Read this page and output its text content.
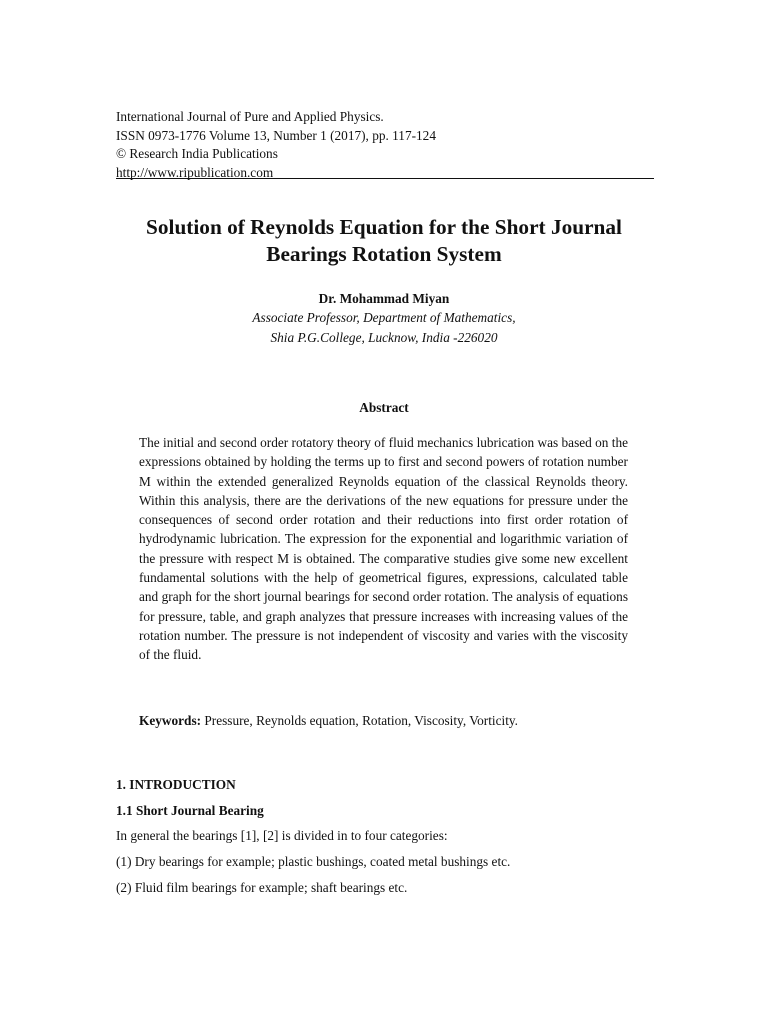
International Journal of Pure and Applied Physics.
ISSN 0973-1776 Volume 13, Number 1 (2017), pp. 117-124
© Research India Publications
http://www.ripublication.com
Solution of Reynolds Equation for the Short Journal
Bearings Rotation System
Dr. Mohammad Miyan
Associate Professor, Department of Mathematics,
Shia P.G.College, Lucknow, India -226020
Abstract
The initial and second order rotatory theory of fluid mechanics lubrication was based on the expressions obtained by holding the terms up to first and second powers of rotation number M within the extended generalized Reynolds equation of the classical Reynolds theory. Within this analysis, there are the derivations of the new equations for pressure under the consequences of second order rotation and their reductions into first order rotation of hydrodynamic lubrication. The expression for the exponential and logarithmic variation of the pressure with respect M is obtained. The comparative studies give some new excellent fundamental solutions with the help of geometrical figures, expressions, calculated table and graph for the short journal bearings for second order rotation. The analysis of equations for pressure, table, and graph analyzes that pressure increases with increasing values of the rotation number. The pressure is not independent of viscosity and varies with the viscosity of the fluid.
Keywords: Pressure, Reynolds equation, Rotation, Viscosity, Vorticity.
1. INTRODUCTION
1.1 Short Journal Bearing
In general the bearings [1], [2] is divided in to four categories:
(1) Dry bearings for example; plastic bushings, coated metal bushings etc.
(2) Fluid film bearings for example; shaft bearings etc.
